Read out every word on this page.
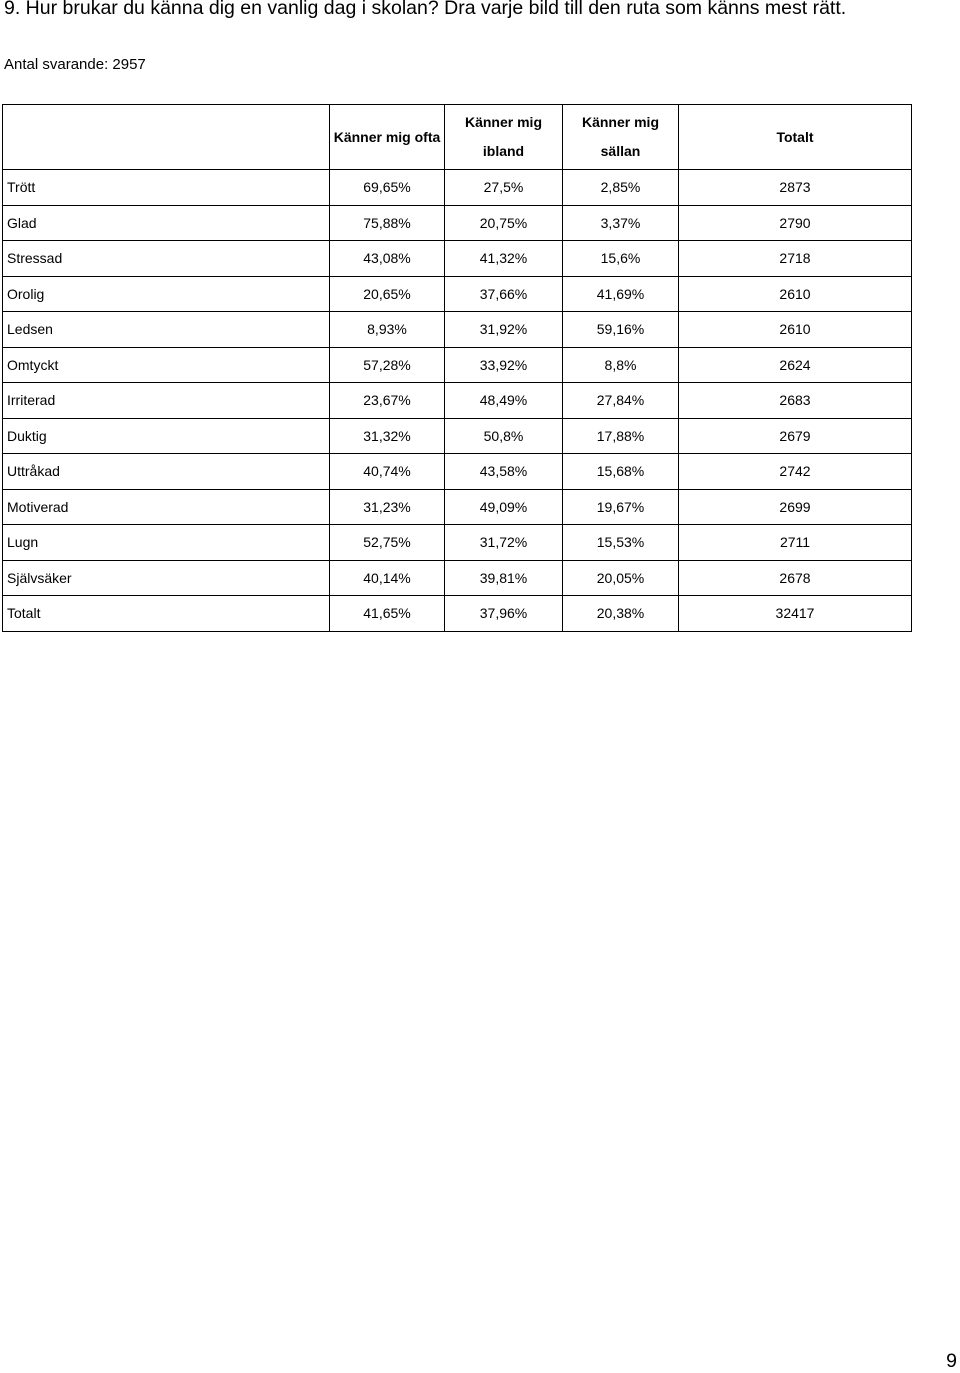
9. Hur brukar du känna dig en vanlig dag i skolan? Dra varje bild till den ruta som känns mest rätt.
Antal svarande: 2957
	Känner mig ofta	Känner mig ibland	Känner mig sällan	Totalt
Trött	69,65%	27,5%	2,85%	2873
Glad	75,88%	20,75%	3,37%	2790
Stressad	43,08%	41,32%	15,6%	2718
Orolig	20,65%	37,66%	41,69%	2610
Ledsen	8,93%	31,92%	59,16%	2610
Omtyckt	57,28%	33,92%	8,8%	2624
Irriterad	23,67%	48,49%	27,84%	2683
Duktig	31,32%	50,8%	17,88%	2679
Uttråkad	40,74%	43,58%	15,68%	2742
Motiverad	31,23%	49,09%	19,67%	2699
Lugn	52,75%	31,72%	15,53%	2711
Självsäker	40,14%	39,81%	20,05%	2678
Totalt	41,65%	37,96%	20,38%	32417
9
